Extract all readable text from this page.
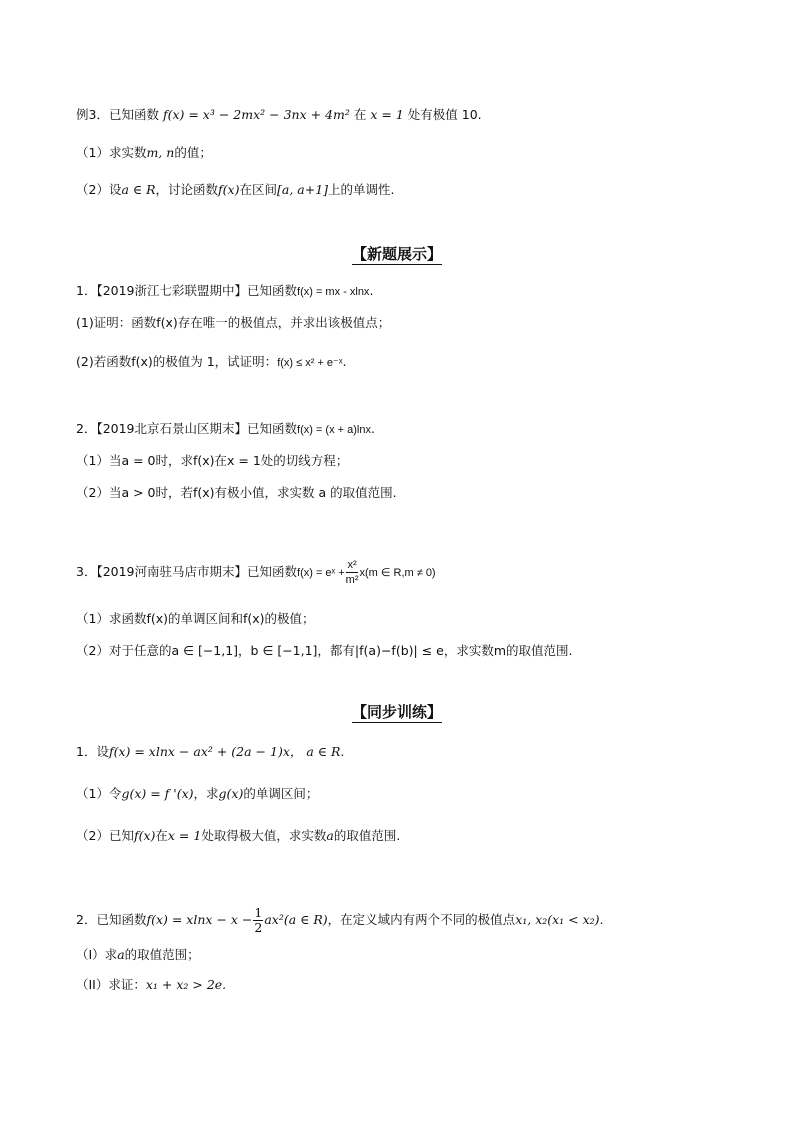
例3．已知函数 f(x) = x³ − 2mx² − 3nx + 4m² 在 x = 1 处有极值 10.
（1）求实数m, n的值；
（2）设a ∈ R，讨论函数f(x)在区间[a, a+1]上的单调性.
【新题展示】
1．【2019浙江七彩联盟期中】已知函数f(x) = mx - xlnx.
(1)证明：函数f(x)存在唯一的极值点，并求出该极值点；
(2)若函数f(x)的极值为 1，试证明：f(x) ≤ x² + e⁻ˣ.
2．【2019北京石景山区期末】已知函数f(x) = (x + a)lnx.
（1）当a = 0时，求f(x)在x = 1处的切线方程；
（2）当a > 0时，若f(x)有极小值，求实数 a 的取值范围.
3．【2019河南驻马店市期末】已知函数f(x) = eˣ + $\frac{\text{x²}}{\text{m²}} x(m$ ∈ R,m ≠ 0)
（1）求函数f(x)的单调区间和f(x)的极值；
（2）对于任意的a ∈ [−1,1]，b ∈ [−1,1]，都有|f(a)−f(b)| ≤ e，求实数m的取值范围.
【同步训练】
1．设f(x) = xlnx − ax² + (2a − 1)x， a ∈ R.
（1）令g(x) = f '(x)，求g(x)的单调区间；
（2）已知f(x)在x = 1处取得极大值，求实数a的取值范围.
2．已知函数$f(x) = xlnx - x - \frac{1}{2} ax^2(a$ ∈ R)，在定义域内有两个不同的极值点x₁, x₂(x₁ < x₂).
（I）求a的取值范围；
（II）求证：x₁ + x₂ > 2e.
